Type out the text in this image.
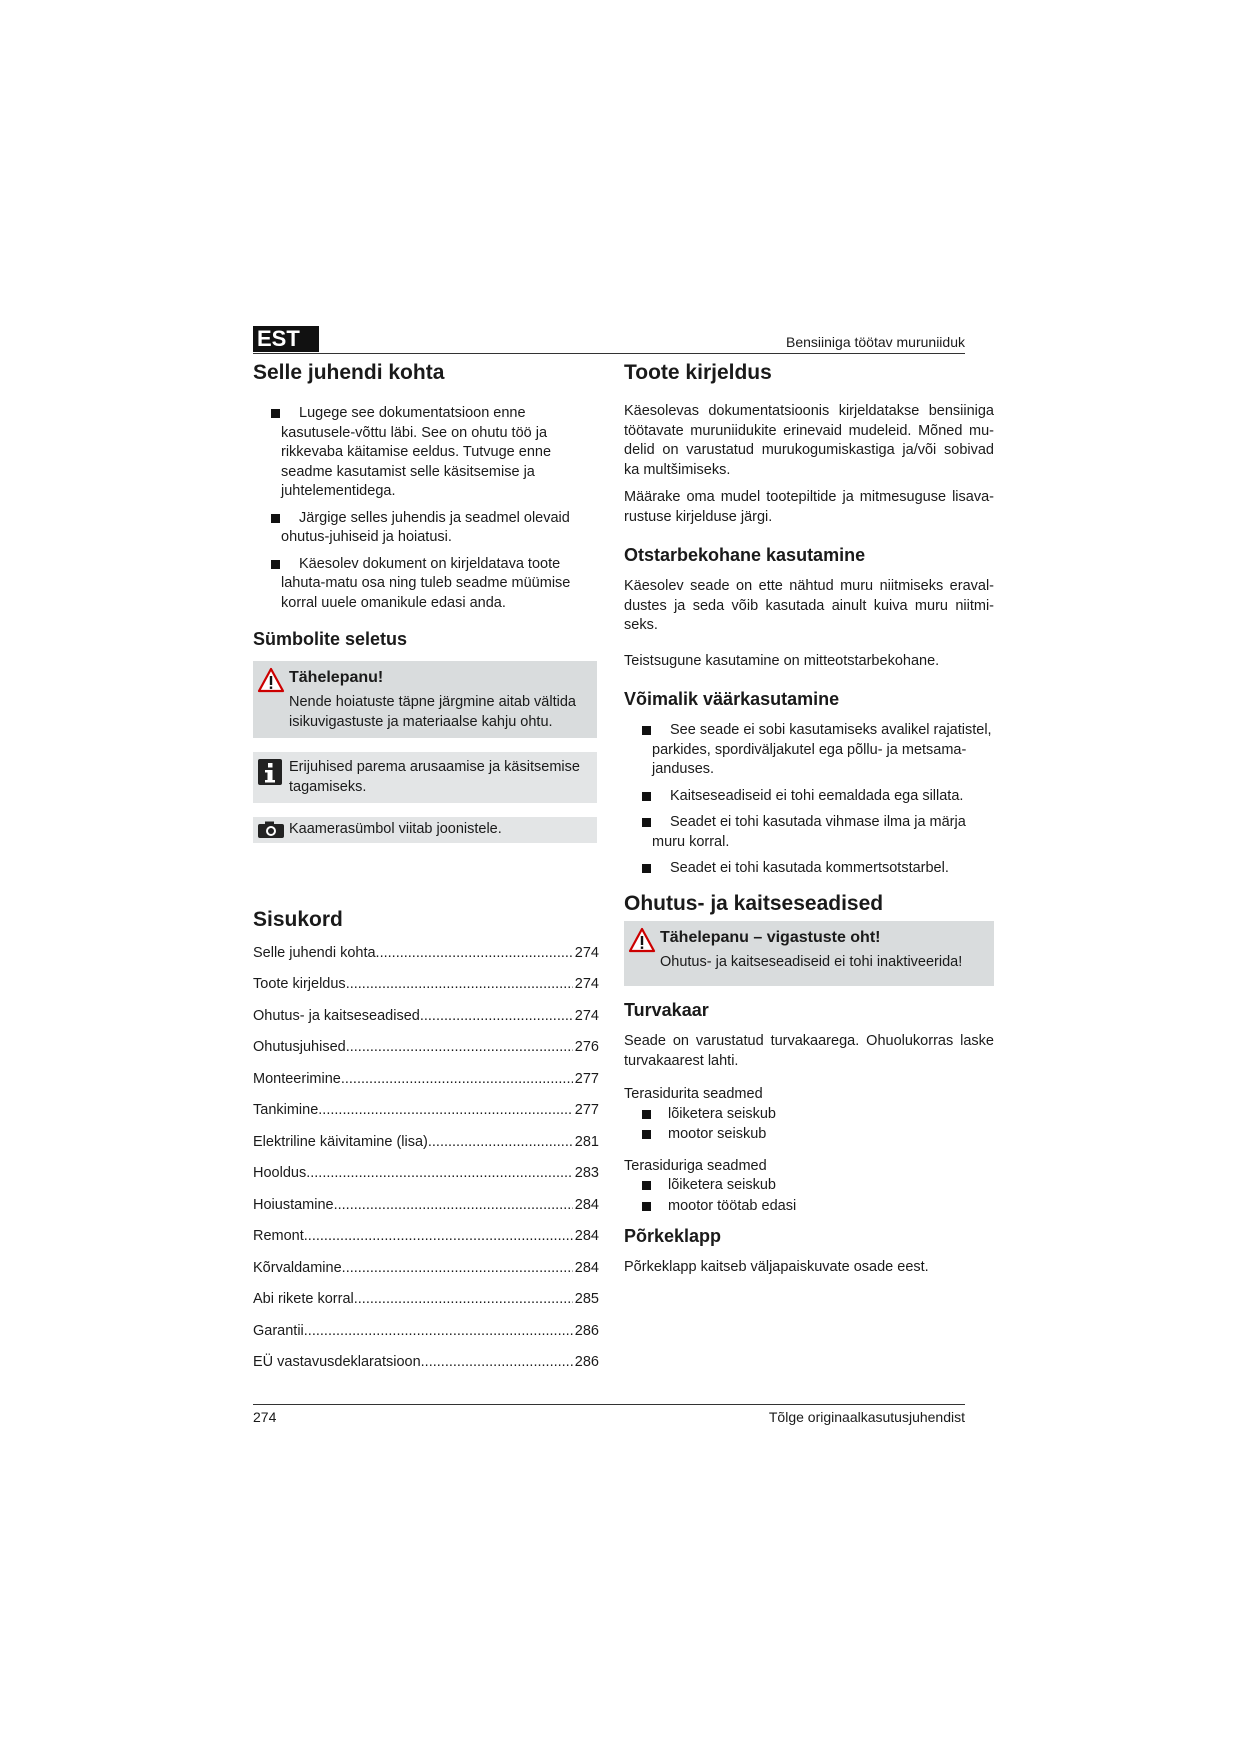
EST	Bensiiniga töötav muruniiduk
Selle juhendi kohta
Lugege see dokumentatsioon enne kasutusele-võttu läbi. See on ohutu töö ja rikkevaba käitamise eeldus. Tutvuge enne seadme kasutamist selle käsitsemise ja juhtelementidega.
Järgige selles juhendis ja seadmel olevaid ohutus-juhiseid ja hoiatusi.
Käesolev dokument on kirjeldatava toote lahuta-matu osa ning tuleb seadme müümise korral uuele omanikule edasi anda.
Sümbolite seletus
Tähelepanu!
Nende hoiatuste täpne järgmine aitab vältida isikuvigastuste ja materiaalse kahju ohtu.
Erijuhised parema arusaamise ja käsitsemise tagamiseks.
Kaamerasümbol viitab joonistele.
Sisukord
Selle juhendi kohta .....	274
Toote kirjeldus .....	274
Ohutus- ja kaitseseadised .....	274
Ohutusjuhised .....	276
Monteerimine .....	277
Tankimine .....	277
Elektriline käivitamine (lisa) .....	281
Hooldus .....	283
Hoiustamine .....	284
Remont .....	284
Kõrvaldamine .....	284
Abi rikete korral .....	285
Garantii .....	286
EÜ vastavusdeklaratsioon .....	286
Toote kirjeldus

Käesolevas dokumentatsioonis kirjeldatakse bensiiniga töötavate muruniidukite erinevaid mudeleid. Mõned mu-delid on varustatud murukogumiskastiga ja/või sobivad ka multšimiseks.

Määrake oma mudel tootepiltide ja mitmesuguse lisava-rustuse kirjelduse järgi.

Otstarbekohane kasutamine

Käesolev seade on ette nähtud muru niitmiseks eraval-dustes ja seda võib kasutada ainult kuiva muru niitmi-seks.

Teistsugune kasutamine on mitteotstarbekohane.

Võimalik väärkasutamine
See seade ei sobi kasutamiseks avalikel rajatistel, parkides, spordiväljakutel ega põllu- ja metsama-janduses.
Kaitseseadiseid ei tohi eemaldada ega sillata.
Seadet ei tohi kasutada vihmase ilma ja märja muru korral.
Seadet ei tohi kasutada kommertsotstarbel.
Ohutus- ja kaitseseadised
Tähelepanu – vigastuste oht!
Ohutus- ja kaitseseadiseid ei tohi inaktiveerida!
Turvakaar

Seade on varustatud turvakaarega. Ohuolukorras laske turvakaarest lahti.

Terasidurita seadmed

lõiketera seiskub
mootor seiskub

Terasiduriga seadmed

lõiketera seiskub
mootor töötab edasi
Põrkeklapp

Põrkeklapp kaitseb väljapaiskuvate osade eest.

274	Tõlge originaalkasutusjuhendist
